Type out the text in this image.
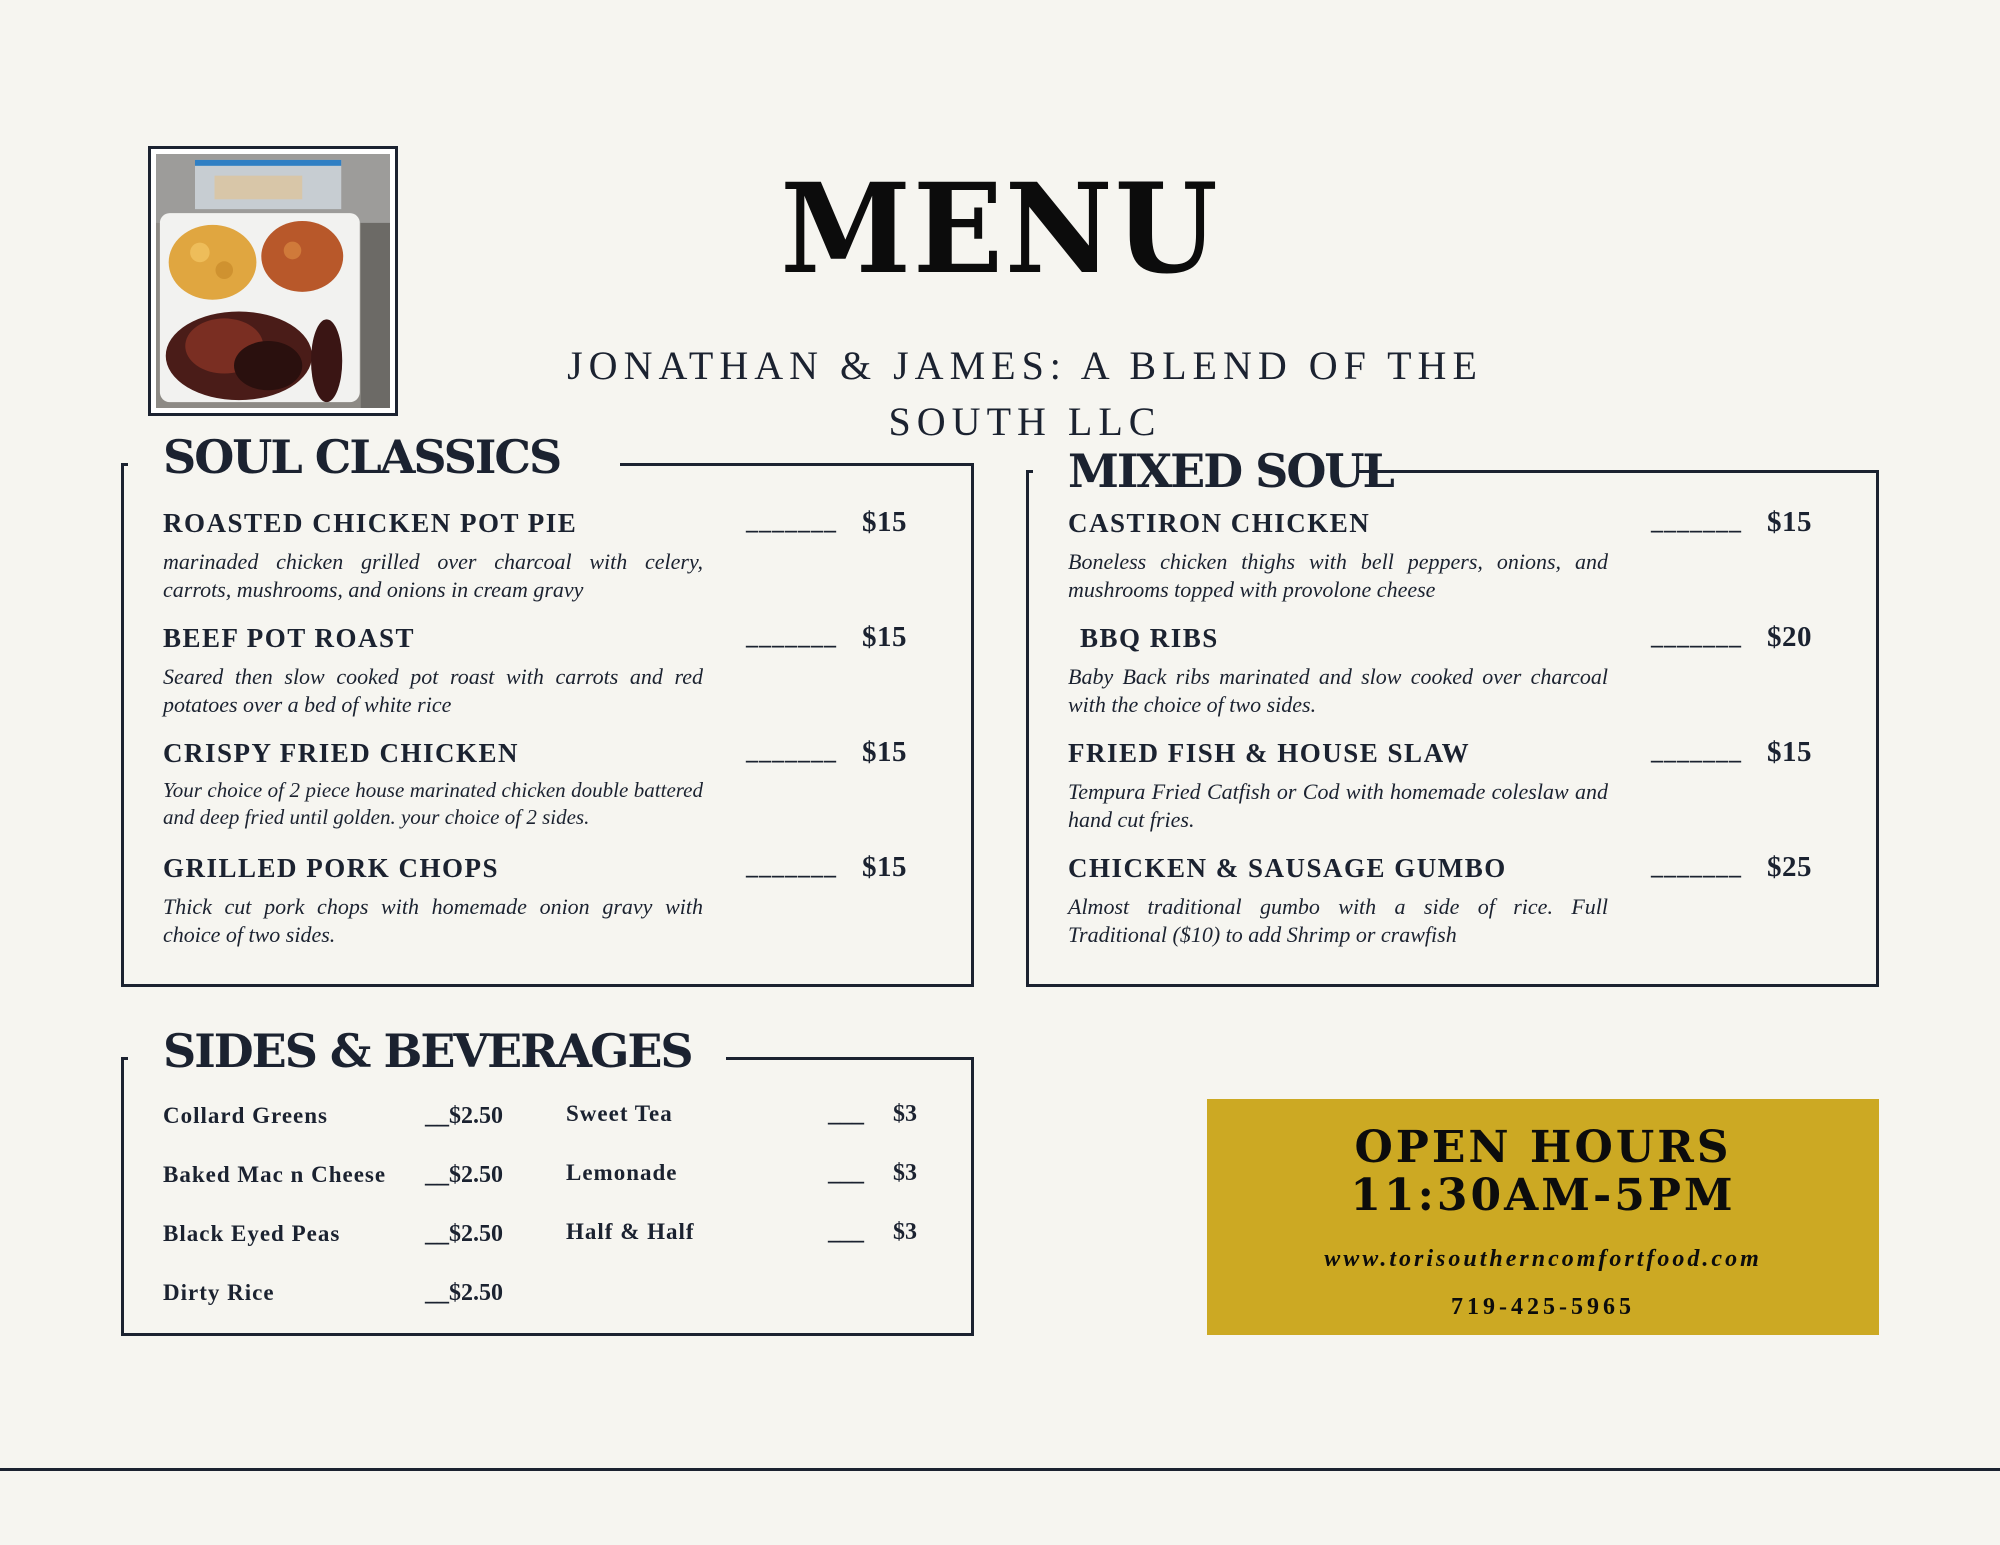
MENU
JONATHAN & JAMES: A BLEND OF THE SOUTH LLC
SOUL CLASSICS
ROASTED CHICKEN POT PIE	_______ $15
marinaded chicken grilled over charcoal with celery, carrots, mushrooms, and onions in cream gravy
BEEF POT ROAST	_______ $15
Seared then slow cooked pot roast with carrots and red potatoes over a bed of white rice
CRISPY FRIED CHICKEN	_______ $15
Your choice of 2 piece house marinated chicken double battered and deep fried until golden. your choice of 2 sides.
GRILLED PORK CHOPS	_______ $15
Thick cut pork chops with homemade onion gravy with choice of two sides.
MIXED SOUL
CASTIRON CHICKEN	_______ $15
Boneless chicken thighs with bell peppers, onions, and mushrooms topped with provolone cheese
BBQ RIBS	_______ $20
Baby Back ribs marinated and slow cooked over charcoal with the choice of two sides.
FRIED FISH & HOUSE SLAW	_______ $15
Tempura Fried Catfish or Cod with homemade coleslaw and hand cut fries.
CHICKEN & SAUSAGE GUMBO	_______ $25
Almost traditional gumbo with a side of rice. Full Traditional ($10) to add Shrimp or crawfish
SIDES & BEVERAGES
Collard Greens	__$2.50
Baked Mac n Cheese __$2.50
Black Eyed Peas	__$2.50
Dirty Rice	__$2.50
Sweet Tea	___ $3
Lemonade	___ $3
Half & Half	___ $3
OPEN HOURS
11:30AM-5PM
www.torisoutherncomfortfood.com
719-425-5965
